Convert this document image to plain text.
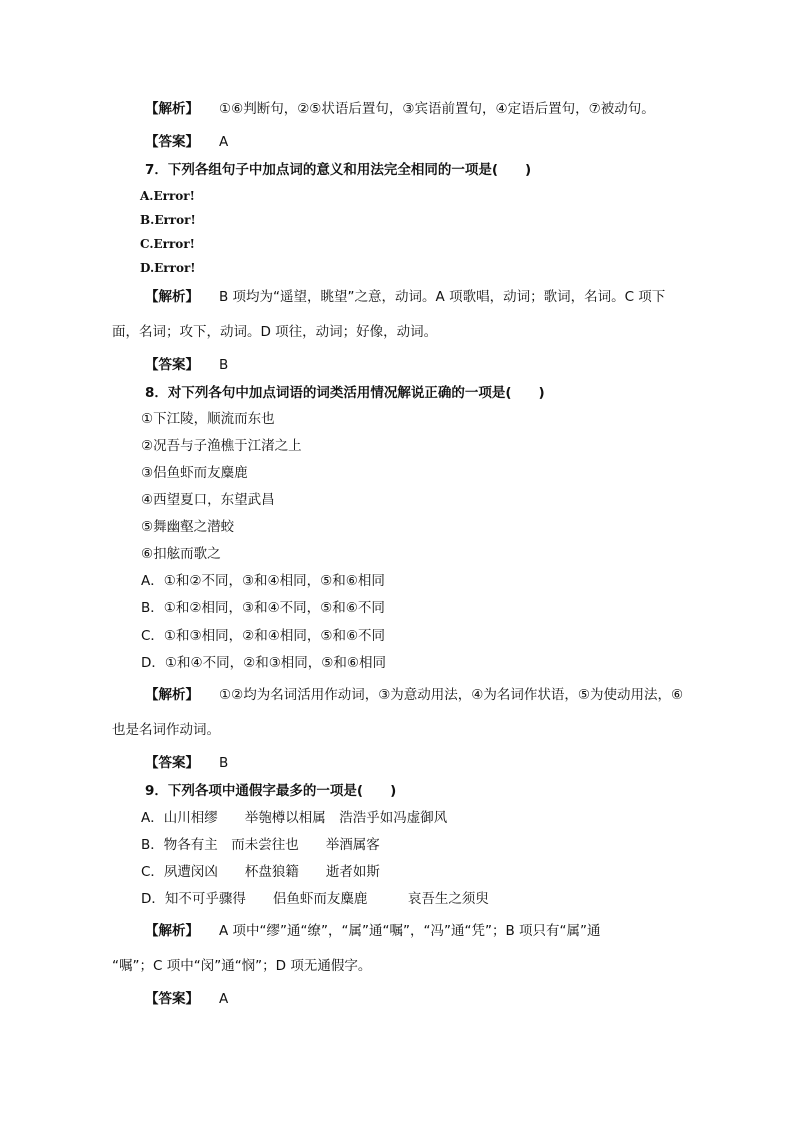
【解析】 ①⑥判断句，②⑤状语后置句，③宾语前置句，④定语后置句，⑦被动句。
【答案】 A
7．下列各组句子中加点词的意义和用法完全相同的一项是(　　)
A.Error!
B.Error!
C.Error!
D.Error!
【解析】 B 项均为“遥望，眺望”之意，动词。A 项歌唱，动词；歌词，名词。C 项下
面，名词；攻下，动词。D 项往，动词；好像，动词。
【答案】 B
8．对下列各句中加点词语的词类活用情况解说正确的一项是(　　)
①下江陵，顺流而东也
②况吾与子渔樵于江渚之上
③侣鱼虾而友麋鹿
④西望夏口，东望武昌
⑤舞幽壑之潜蛟
⑥扣舷而歌之
A．①和②不同，③和④相同，⑤和⑥相同
B．①和②相同，③和④不同，⑤和⑥不同
C．①和③相同，②和④相同，⑤和⑥不同
D．①和④不同，②和③相同，⑤和⑥相同
【解析】 ①②均为名词活用作动词，③为意动用法，④为名词作状语，⑤为使动用法，⑥
也是名词作动词。
【答案】 B
9．下列各项中通假字最多的一项是(　　)
A．山川相缪　　举匏樽以相属　浩浩乎如冯虚御风
B．物各有主　而未尝往也　　举酒属客
C．夙遭闵凶　　杯盘狼籍　　逝者如斯
D．知不可乎骤得　　侣鱼虾而友麋鹿　　　哀吾生之须臾
【解析】 A 项中“缪”通“缭”，“属”通“嘱”，“冯”通“凭”；B 项只有“属”通
“嘱”；C 项中“闵”通“悯”；D 项无通假字。
【答案】 A
